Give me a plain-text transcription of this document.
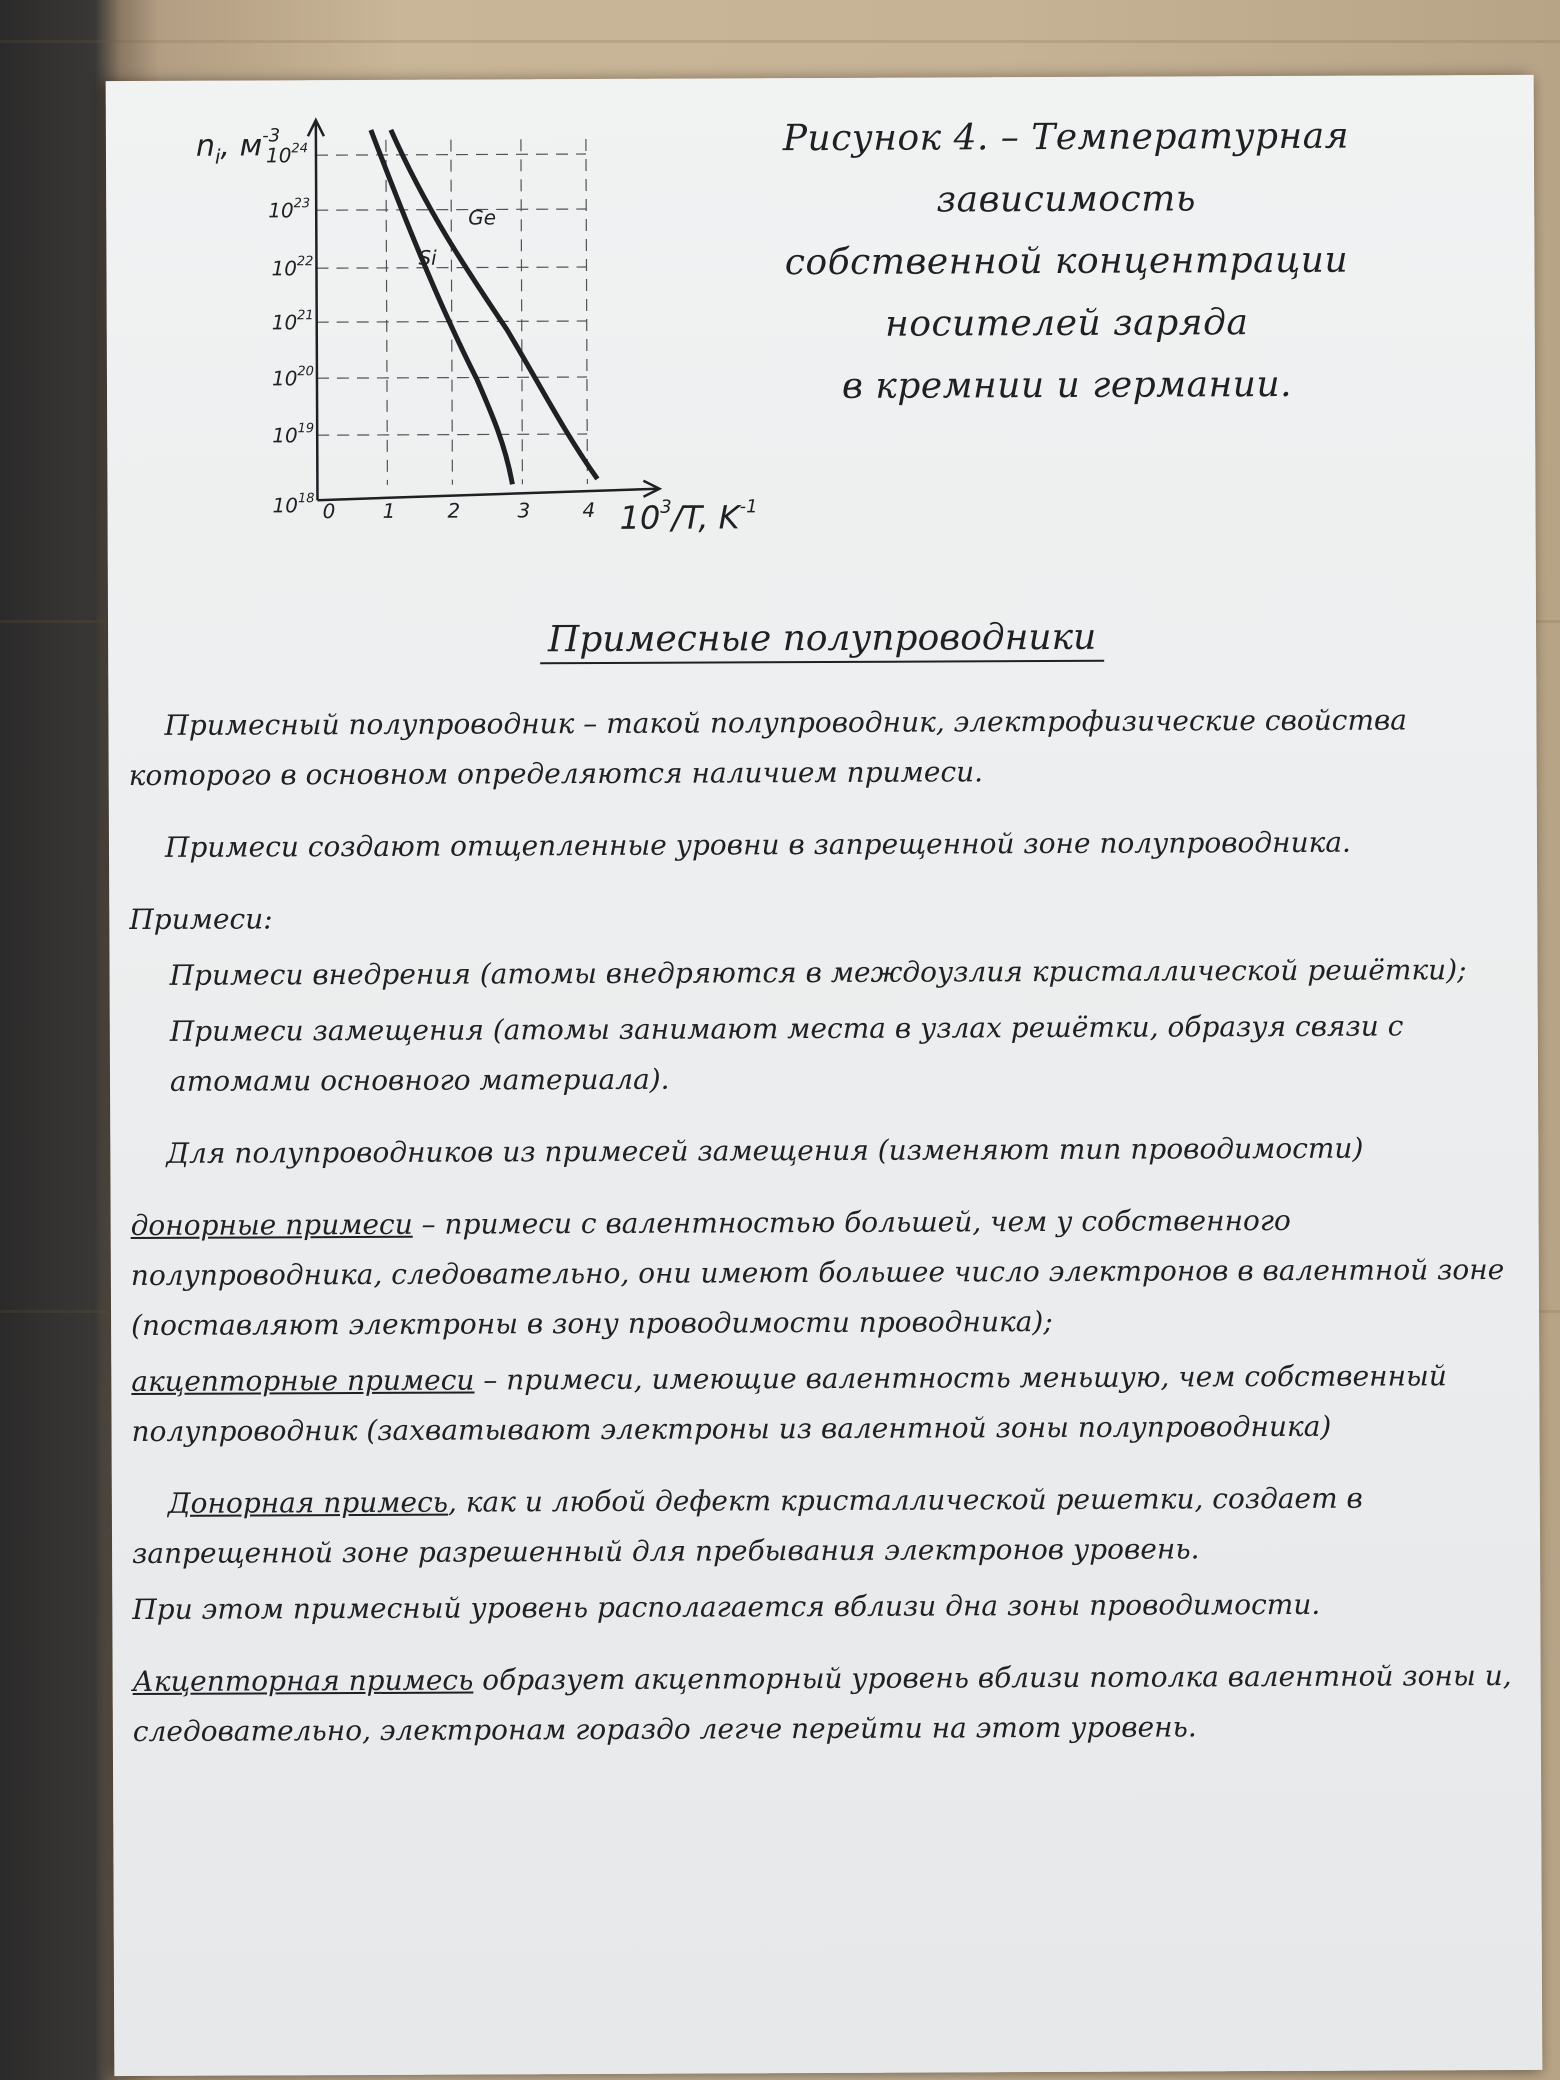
$n_i$, $м^{-3}$
$10^{24}$
$10^{23}$
$10^{22}$
$10^{21}$
$10^{20}$
$10^{19}$
$10^{18}$
0 1	2	3	4 $10^3/T$, $K^{-1}$
Si
Ge
Рисунок 4. – Температурная зависимость
собственной концентрации
носителей заряда
в кремнии и германии.
Примесные полупроводники

Примесный полупроводник – такой полупроводник, электрофизические свойства которого в основном определяются наличием примеси.

Примеси создают отщепленные уровни в запрещенной зоне полупроводника.

Примеси:

Примеси внедрения (атомы внедряются в междоузлия кристаллической решётки);

Примеси замещения (атомы занимают места в узлах решётки, образуя связи с атомами основного материала).

Для полупроводников из примесей замещения (изменяют тип проводимости)

донорные примеси – примеси с валентностью большей, чем у собственного полупроводника, следовательно, они имеют большее число электронов в валентной зоне (поставляют электроны в зону проводимости проводника);

акцепторные примеси – примеси, имеющие валентность меньшую, чем собственный полупроводник (захватывают электроны из валентной зоны полупроводника)

Донорная примесь, как и любой дефект кристаллической решетки, создает в запрещенной зоне разрешенный для пребывания электронов уровень.

При этом примесный уровень располагается вблизи дна зоны проводимости.

Акцепторная примесь образует акцепторный уровень вблизи потолка валентной зоны и, следовательно, электронам гораздо легче перейти на этот уровень.
